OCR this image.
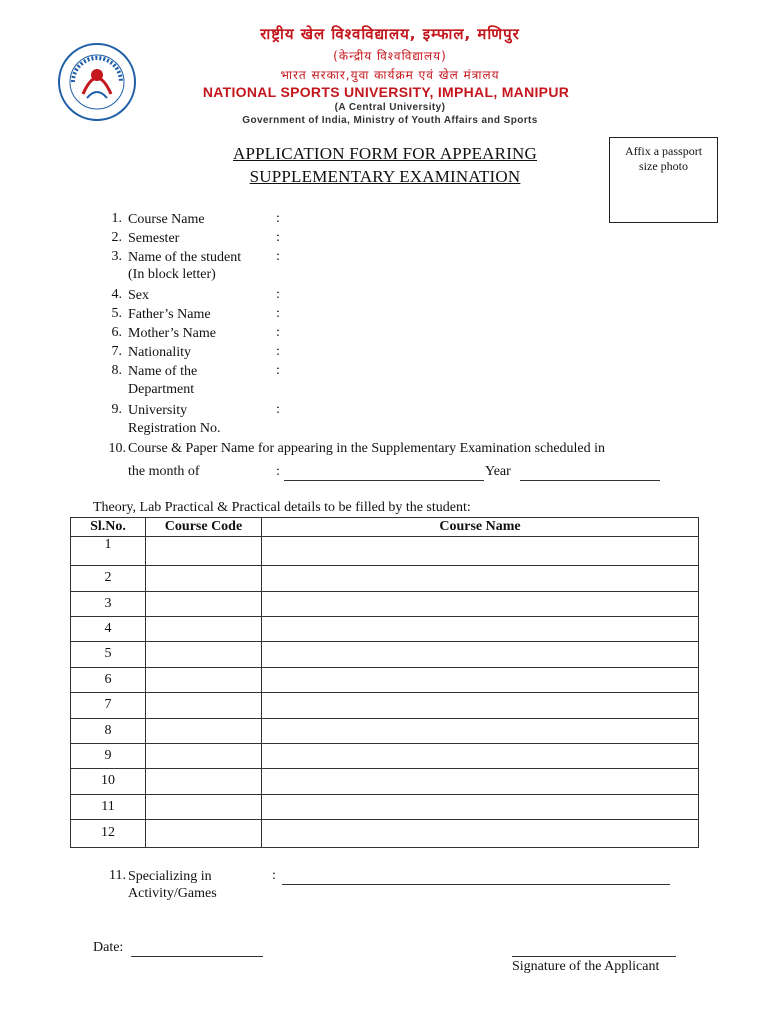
राष्ट्रीय खेल विश्वविद्यालय, इम्फाल, मणिपुर
(केन्द्रीय विश्वविद्यालय)
भारत सरकार,युवा कार्यक्रम एवं खेल मंत्रालय
NATIONAL SPORTS UNIVERSITY, IMPHAL, MANIPUR
(A Central University)
Government of India, Ministry of Youth Affairs and Sports
APPLICATION FORM FOR APPEARING
SUPPLEMENTARY EXAMINATION
Affix a passport
size photo
1. Course Name	:
2. Semester	:
3. Name of the student
(In block letter)
:
4. Sex	:
5. Father’s Name	:
6. Mother’s Name	:
7. Nationality	:
8. Name of the
Department
:
9. University
Registration No.
:
10. Course & Paper Name for appearing in the Supplementary Examination scheduled in
the month of	:	Year
Theory, Lab Practical & Practical details to be filled by the student:
Sl.No.	Course Code	Course Name
1		
2		
3		
4		
5		
6		
7		
8		
9		
10		
11		
12		
11. Specializing in
Activity/Games
:
Date:
Signature of the Applicant
